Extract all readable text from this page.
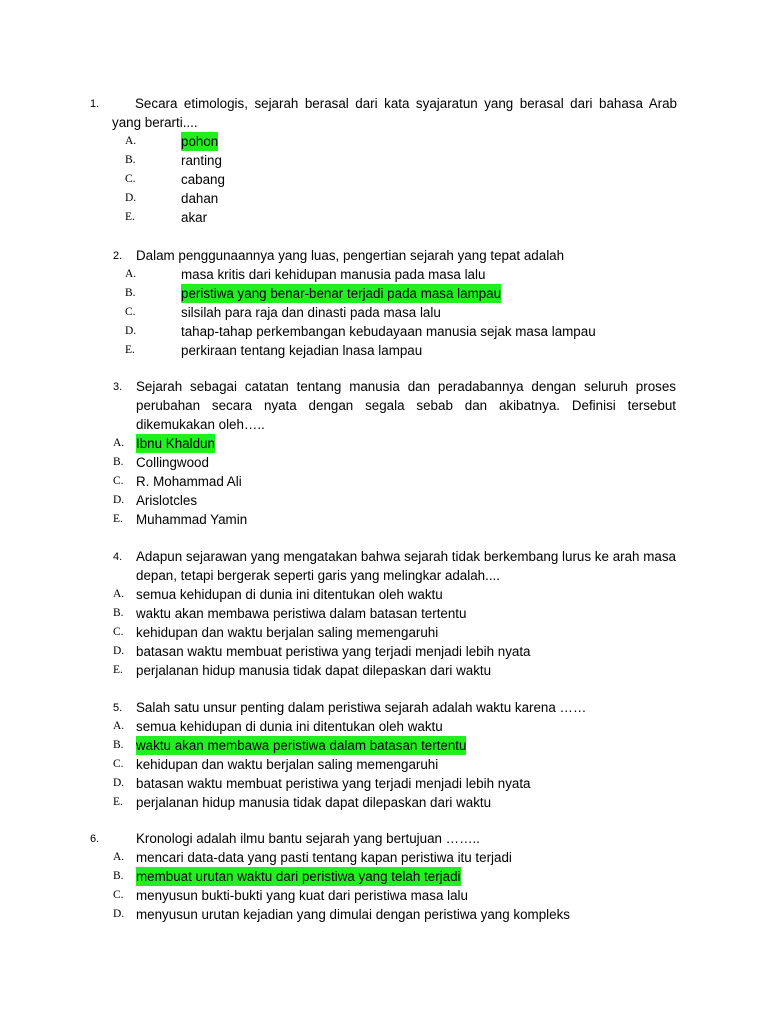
1.	Secara etimologis, sejarah berasal dari kata syajaratun yang berasal dari bahasa Arab
yang berarti....
A.	pohon
B.	ranting
C.	cabang
D.	dahan
E.	akar
2. Dalam penggunaannya yang luas, pengertian sejarah yang tepat adalah
A.	masa kritis dari kehidupan manusia pada masa lalu
B.	peristiwa yang benar-benar terjadi pada masa lampau
C.	silsilah para raja dan dinasti pada masa lalu
D.	tahap-tahap perkembangan kebudayaan manusia sejak masa lampau
E.	perkiraan tentang kejadian lnasa lampau
3. Sejarah sebagai catatan tentang manusia dan peradabannya dengan seluruh proses perubahan secara nyata dengan segala sebab dan akibatnya. Definisi tersebut dikemukakan oleh…..
A. Ibnu Khaldun
B. Collingwood
C. R. Mohammad Ali
D. Arislotcles
E. Muhammad Yamin
4. Adapun sejarawan yang mengatakan bahwa sejarah tidak berkembang lurus ke arah masa depan, tetapi bergerak seperti garis yang melingkar adalah....
A. semua kehidupan di dunia ini ditentukan oleh waktu
B. waktu akan membawa peristiwa dalam batasan tertentu
C. kehidupan dan waktu berjalan saling memengaruhi
D. batasan waktu membuat peristiwa yang terjadi menjadi lebih nyata
E. perjalanan hidup manusia tidak dapat dilepaskan dari waktu
5. Salah satu unsur penting dalam peristiwa sejarah adalah waktu karena ……
A. semua kehidupan di dunia ini ditentukan oleh waktu
B. waktu akan membawa peristiwa dalam batasan tertentu
C. kehidupan dan waktu berjalan saling memengaruhi
D. batasan waktu membuat peristiwa yang terjadi menjadi lebih nyata
E. perjalanan hidup manusia tidak dapat dilepaskan dari waktu
6.	Kronologi adalah ilmu bantu sejarah yang bertujuan ……..
A. mencari data-data yang pasti tentang kapan peristiwa itu terjadi
B. membuat urutan waktu dari peristiwa yang telah terjadi
C. menyusun bukti-bukti yang kuat dari peristiwa masa lalu
D. menyusun urutan kejadian yang dimulai dengan peristiwa yang kompleks
